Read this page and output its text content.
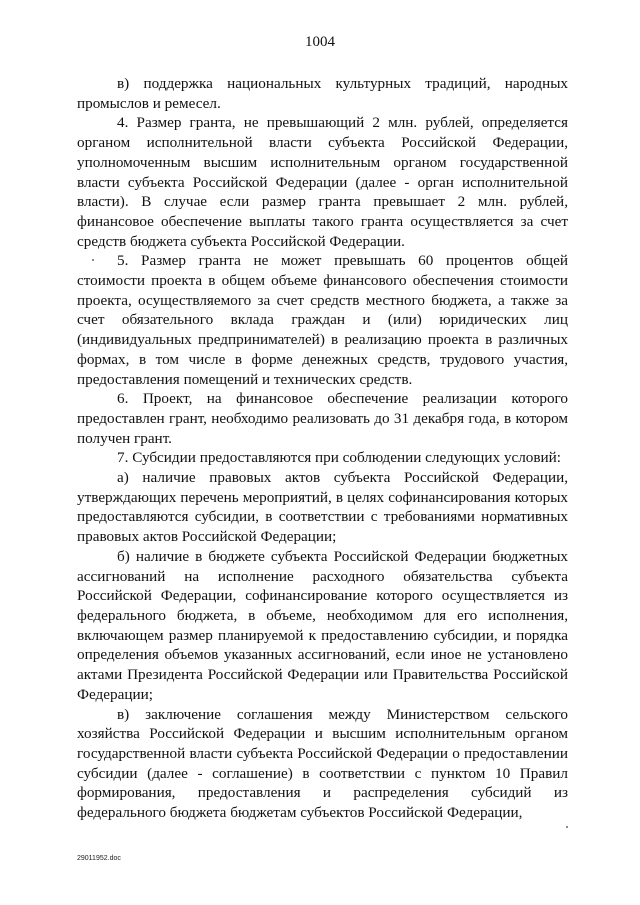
1004

в) поддержка национальных культурных традиций, народных промыслов и ремесел.

4. Размер гранта, не превышающий 2 млн. рублей, определяется органом исполнительной власти субъекта Российской Федерации, уполномоченным высшим исполнительным органом государственной власти субъекта Российской Федерации (далее - орган исполнительной власти). В случае если размер гранта превышает 2 млн. рублей, финансовое обеспечение выплаты такого гранта осуществляется за счет средств бюджета субъекта Российской Федерации.

5. Размер гранта не может превышать 60 процентов общей стоимости проекта в общем объеме финансового обеспечения стоимости проекта, осуществляемого за счет средств местного бюджета, а также за счет обязательного вклада граждан и (или) юридических лиц (индивидуальных предпринимателей) в реализацию проекта в различных формах, в том числе в форме денежных средств, трудового участия, предоставления помещений и технических средств.

6. Проект, на финансовое обеспечение реализации которого предоставлен грант, необходимо реализовать до 31 декабря года, в котором получен грант.

7. Субсидии предоставляются при соблюдении следующих условий:

а) наличие правовых актов субъекта Российской Федерации, утверждающих перечень мероприятий, в целях софинансирования которых предоставляются субсидии, в соответствии с требованиями нормативных правовых актов Российской Федерации;

б) наличие в бюджете субъекта Российской Федерации бюджетных ассигнований на исполнение расходного обязательства субъекта Российской Федерации, софинансирование которого осуществляется из федерального бюджета, в объеме, необходимом для его исполнения, включающем размер планируемой к предоставлению субсидии, и порядка определения объемов указанных ассигнований, если иное не установлено актами Президента Российской Федерации или Правительства Российской Федерации;

в) заключение соглашения между Министерством сельского хозяйства Российской Федерации и высшим исполнительным органом государственной власти субъекта Российской Федерации о предоставлении субсидии (далее - соглашение) в соответствии с пунктом 10 Правил формирования, предоставления и распределения субсидий из федерального бюджета бюджетам субъектов Российской Федерации,

29011952.doc
